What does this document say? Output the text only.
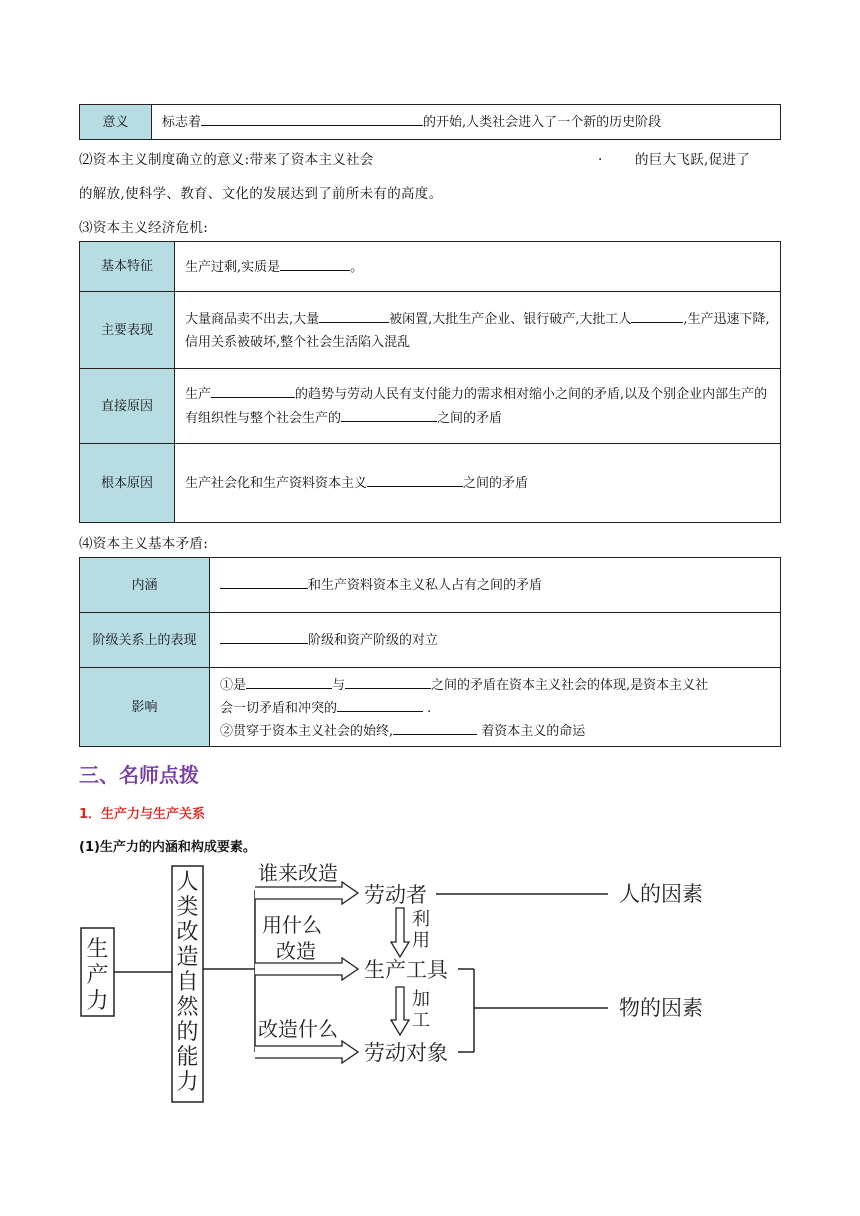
意义	标志着	的开始,人类社会进入了一个新的历史阶段
⑵资本主义制度确立的意义:带来了资本主义社会	. 的巨大飞跃,促进了
的解放,使科学、教育、文化的发展达到了前所未有的高度。
⑶资本主义经济危机:
基本特征	生产过剩,实质是 。
主要表现	大量商品卖不出去,大量 被闲置,大批生产企业、银行破产,大批工人 ,生产迅速下降,信用关系被破坏,整个社会生活陷入混乱
直接原因	生产 的趋势与劳动人民有支付能力的需求相对缩小之间的矛盾,以及个别企业内部生产的有组织性与整个社会生产的 之间的矛盾
根本原因	生产社会化和生产资料资本主义 之间的矛盾
⑷资本主义基本矛盾:
内涵	和生产资料资本主义私人占有之间的矛盾
阶级关系上的表现	阶级和资产阶级的对立
影响	①是 与 之间的矛盾在资本主义社会的体现,是资本主义社
会一切矛盾和冲突的 .
②贯穿于资本主义社会的始终, 着资本主义的命运
三、名师点拨
1．生产力与生产关系
(1)生产力的内涵和构成要素。
生
产
力
人
类
改
造
自
然
的
能
力
谁来改造
用什么
改造
改造什么
劳动者
生产工具
劳动对象
利
用
加
工
人的因素
物的因素
